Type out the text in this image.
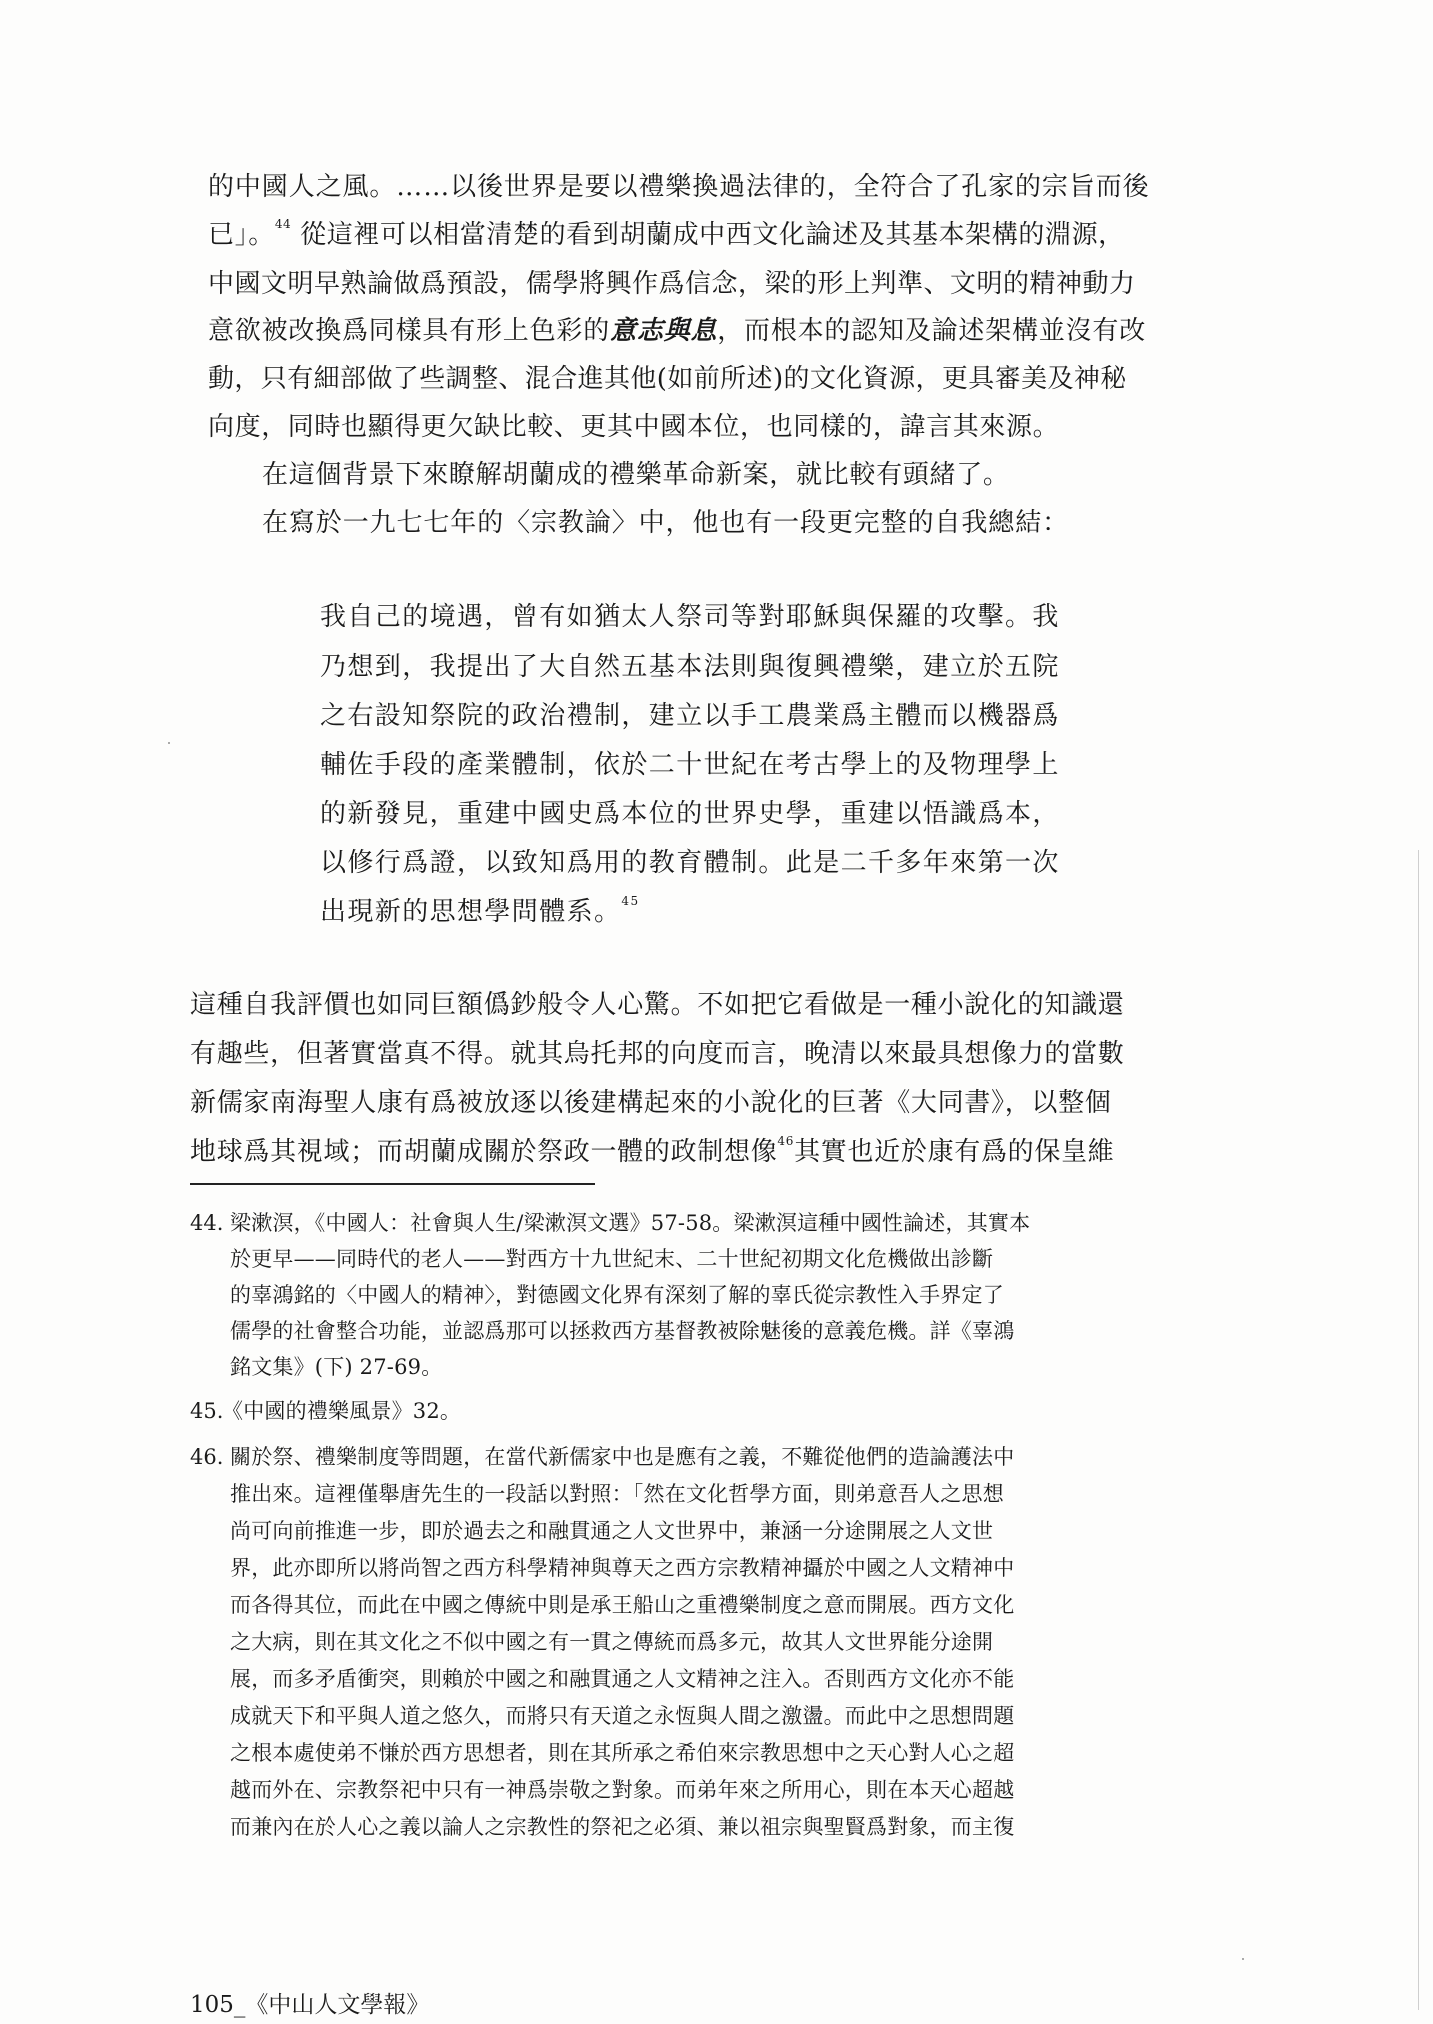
的中國人之風。……以後世界是要以禮樂換過法律的，全符合了孔家的宗旨而後
已」。$^{44}$ 從這裡可以相當清楚的看到胡蘭成中西文化論述及其基本架構的淵源，
中國文明早熟論做爲預設，儒學將興作爲信念，梁的形上判準、文明的精神動力
意欲被改換爲同樣具有形上色彩的意志與息，而根本的認知及論述架構並沒有改
動，只有細部做了些調整、混合進其他(如前所述)的文化資源，更具審美及神秘
向度，同時也顯得更欠缺比較、更其中國本位，也同樣的，諱言其來源。
在這個背景下來瞭解胡蘭成的禮樂革命新案，就比較有頭緒了。
在寫於一九七七年的〈宗教論〉中，他也有一段更完整的自我總結：
我自己的境遇，曾有如猶太人祭司等對耶穌與保羅的攻擊。我
乃想到，我提出了大自然五基本法則與復興禮樂，建立於五院
之右設知祭院的政治禮制，建立以手工農業爲主體而以機器爲
輔佐手段的產業體制，依於二十世紀在考古學上的及物理學上
的新發見，重建中國史爲本位的世界史學，重建以悟識爲本，
以修行爲證，以致知爲用的教育體制。此是二千多年來第一次
出現新的思想學問體系。$^{45}$
這種自我評價也如同巨額僞鈔般令人心驚。不如把它看做是一種小說化的知識還
有趣些，但著實當真不得。就其烏托邦的向度而言，晚清以來最具想像力的當數
新儒家南海聖人康有爲被放逐以後建構起來的小說化的巨著《大同書》，以整個
地球爲其視域；而胡蘭成關於祭政一體的政制想像$^{46}$其實也近於康有爲的保皇維
44. 梁漱溟，《中國人：社會與人生/梁漱溟文選》57-58。梁漱溟這種中國性論述，其實本
於更早——同時代的老人——對西方十九世紀末、二十世紀初期文化危機做出診斷
的辜鴻銘的〈中國人的精神〉，對德國文化界有深刻了解的辜氏從宗教性入手界定了
儒學的社會整合功能，並認爲那可以拯救西方基督教被除魅後的意義危機。詳《辜鴻
銘文集》(下) 27-69。
45.
《中國的禮樂風景》32。
46. 關於祭、禮樂制度等問題，在當代新儒家中也是應有之義，不難從他們的造論護法中
推出來。這裡僅舉唐先生的一段話以對照：「然在文化哲學方面，則弟意吾人之思想
尚可向前推進一步，即於過去之和融貫通之人文世界中，兼涵一分途開展之人文世
界，此亦即所以將尚智之西方科學精神與尊天之西方宗教精神攝於中國之人文精神中
而各得其位，而此在中國之傳統中則是承王船山之重禮樂制度之意而開展。西方文化
之大病，則在其文化之不似中國之有一貫之傳統而爲多元，故其人文世界能分途開
展，而多矛盾衝突，則賴於中國之和融貫通之人文精神之注入。否則西方文化亦不能
成就天下和平與人道之悠久，而將只有天道之永恆與人間之激盪。而此中之思想問題
之根本處使弟不慊於西方思想者，則在其所承之希伯來宗教思想中之天心對人心之超
越而外在、宗教祭祀中只有一神爲崇敬之對象。而弟年來之所用心，則在本天心超越
而兼內在於人心之義以論人之宗教性的祭祀之必須、兼以祖宗與聖賢爲對象，而主復
105_《中山人文學報》
